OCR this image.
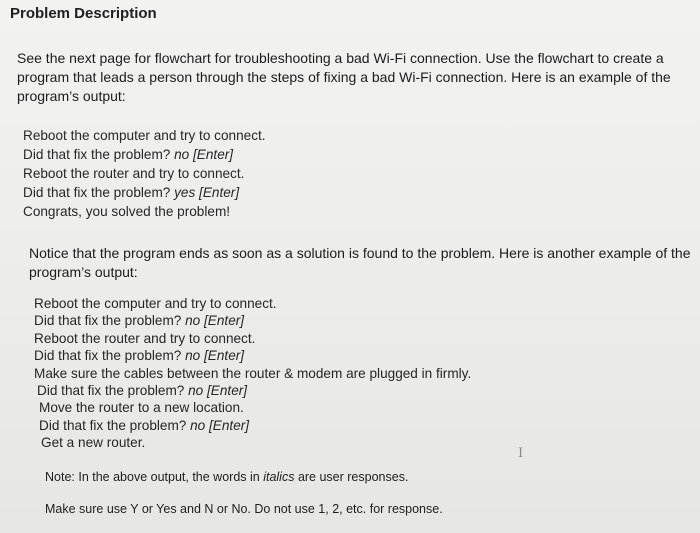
Problem Description
See the next page for flowchart for troubleshooting a bad Wi-Fi connection. Use the flowchart to create a program that leads a person through the steps of fixing a bad Wi-Fi connection. Here is an example of the program’s output:
Reboot the computer and try to connect.
Did that fix the problem? no [Enter]
Reboot the router and try to connect.
Did that fix the problem? yes [Enter]
Congrats, you solved the problem!
Notice that the program ends as soon as a solution is found to the problem. Here is another example of the program’s output:
Reboot the computer and try to connect.
Did that fix the problem? no [Enter]
Reboot the router and try to connect.
Did that fix the problem? no [Enter]
Make sure the cables between the router & modem are plugged in firmly.
Did that fix the problem? no [Enter]
Move the router to a new location.
Did that fix the problem? no [Enter]
Get a new router.
Note: In the above output, the words in italics are user responses.
Make sure use Y or Yes and N or No. Do not use 1, 2, etc. for response.
I
